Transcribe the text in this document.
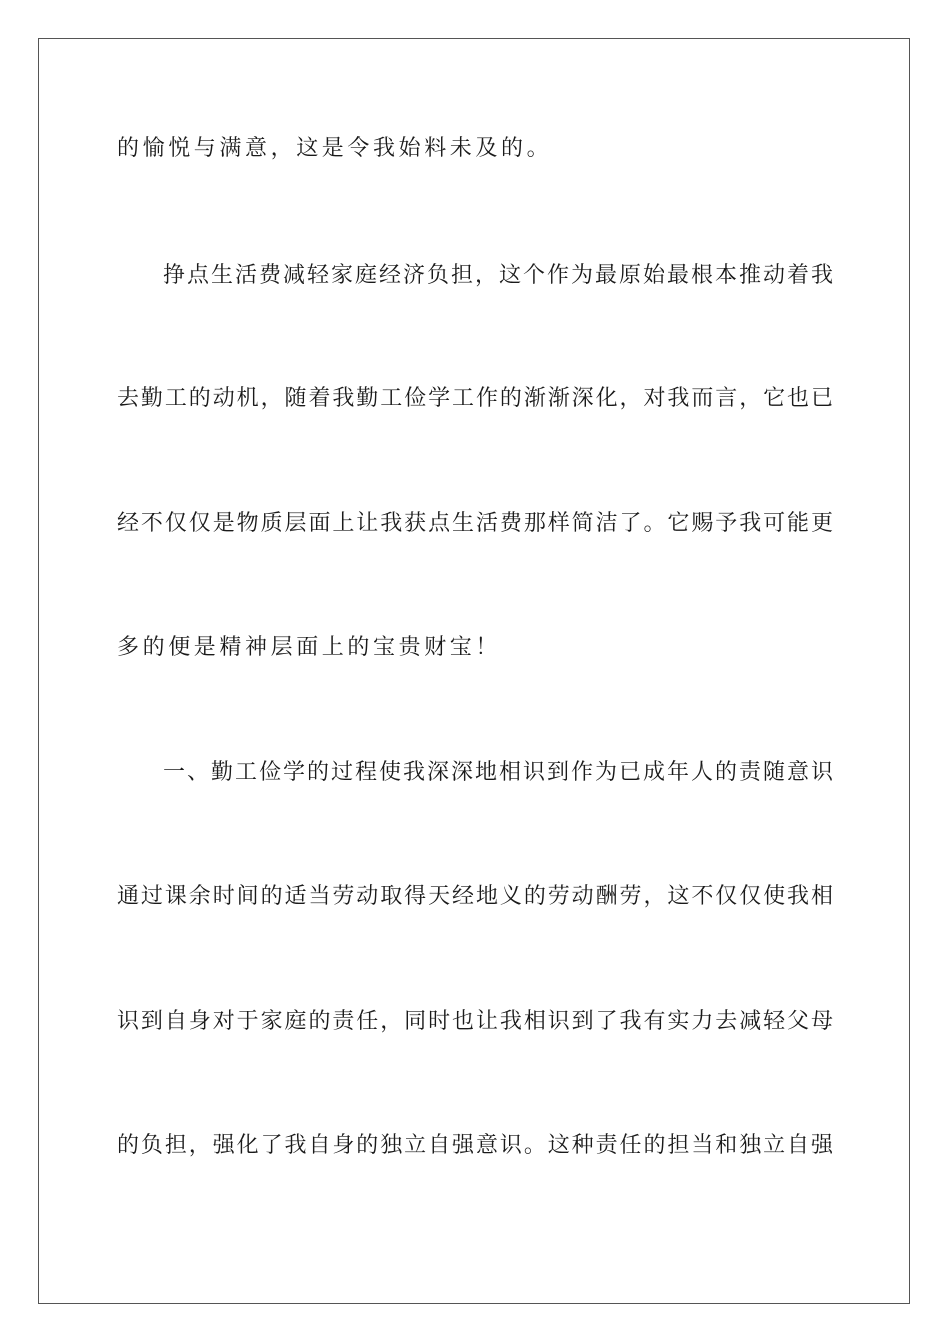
的愉悦与满意，这是令我始料未及的。
挣点生活费减轻家庭经济负担，这个作为最原始最根本推动着我
去勤工的动机，随着我勤工俭学工作的渐渐深化，对我而言，它也已
经不仅仅是物质层面上让我获点生活费那样简洁了。它赐予我可能更
多的便是精神层面上的宝贵财宝！
一、勤工俭学的过程使我深深地相识到作为已成年人的责随意识
通过课余时间的适当劳动取得天经地义的劳动酬劳，这不仅仅使我相
识到自身对于家庭的责任，同时也让我相识到了我有实力去减轻父母
的负担，强化了我自身的独立自强意识。这种责任的担当和独立自强
